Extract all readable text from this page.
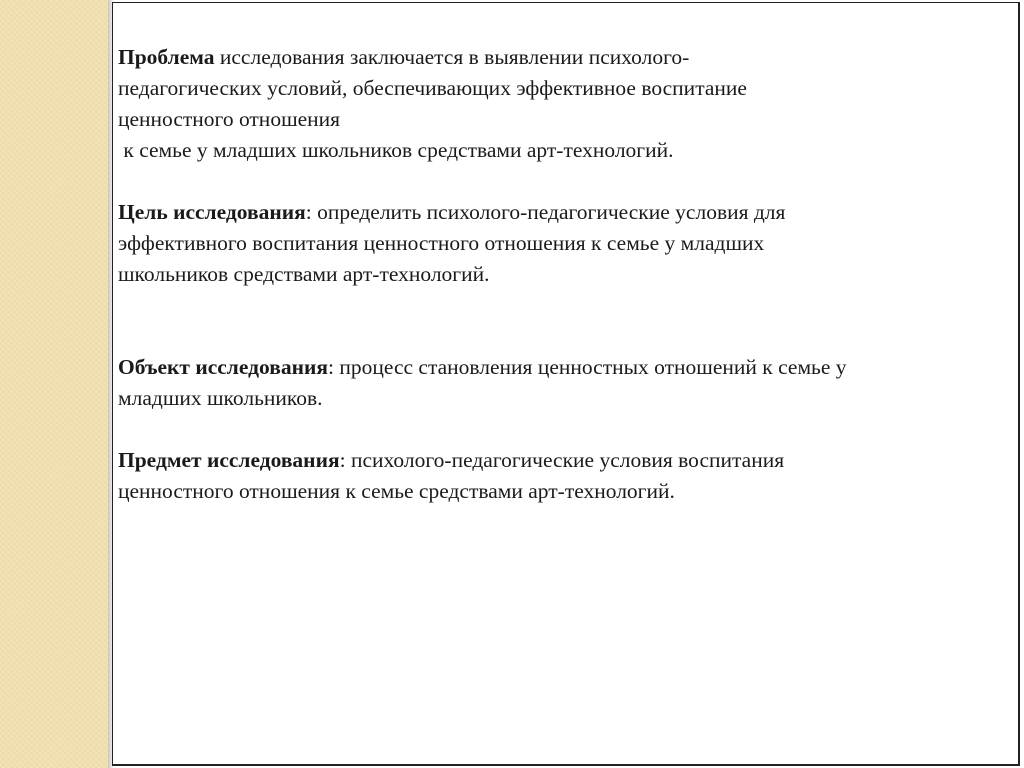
Проблема исследования заключается в выявлении психолого-
педагогических условий, обеспечивающих эффективное воспитание
ценностного отношения
к семье у младших школьников средствами арт-технологий.

Цель исследования: определить психолого-педагогические условия для
эффективного воспитания ценностного отношения к семье у младших
школьников средствами арт-технологий.

Объект исследования: процесс становления ценностных отношений к семье у
младших школьников.

Предмет исследования: психолого-педагогические условия воспитания
ценностного отношения к семье средствами арт-технологий.
